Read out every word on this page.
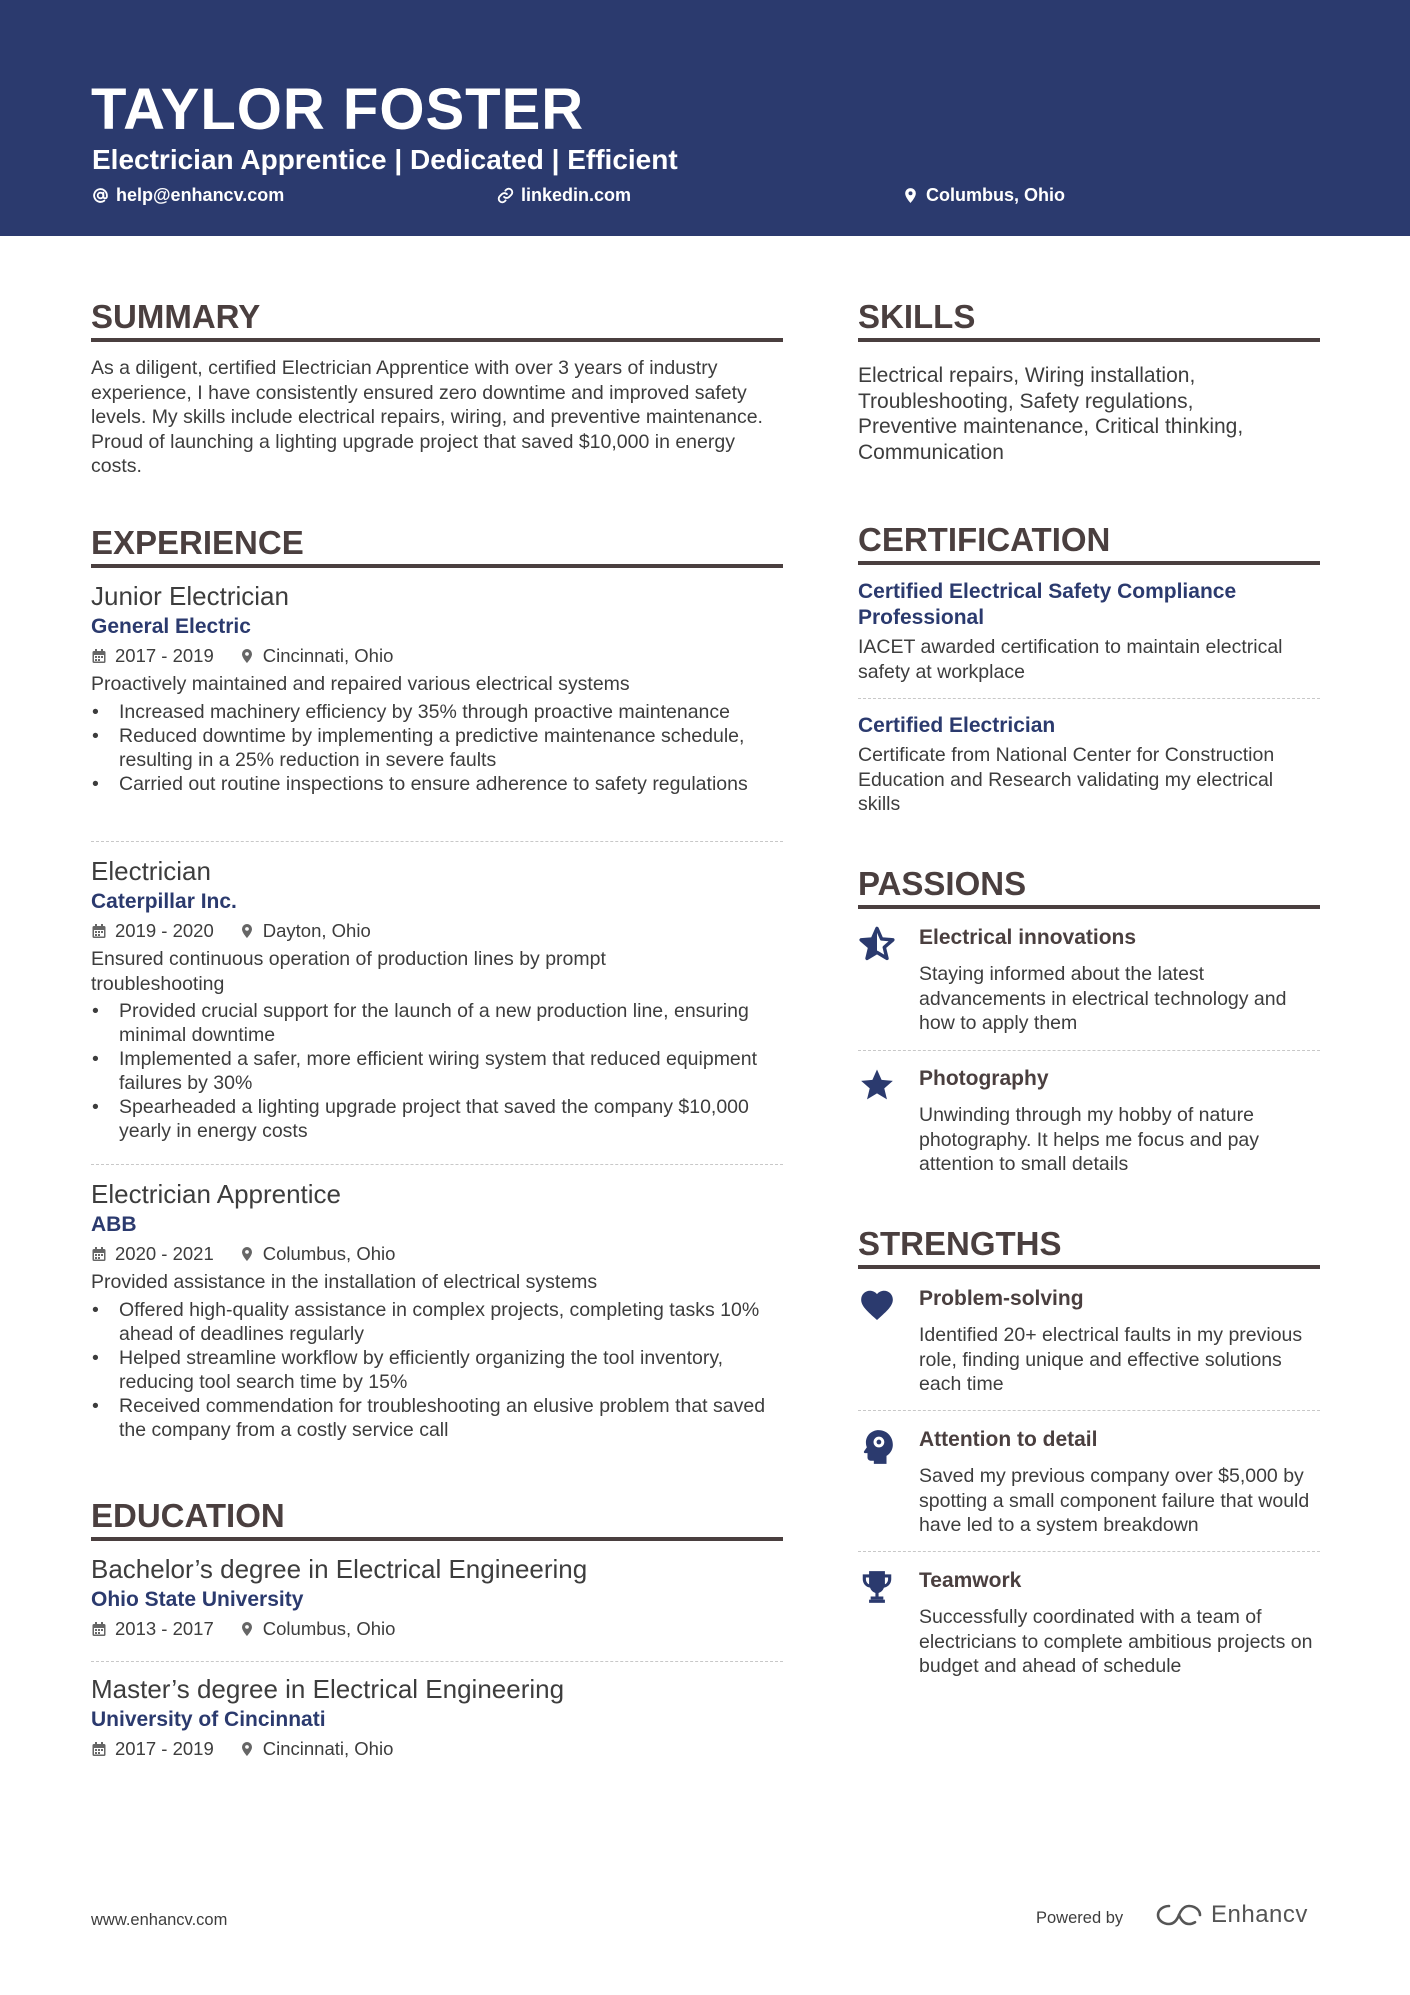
TAYLOR FOSTER
Electrician Apprentice | Dedicated | Efficient
help@enhancv.com	linkedin.com	Columbus, Ohio
SUMMARY
As a diligent, certified Electrician Apprentice with over 3 years of industry experience, I have consistently ensured zero downtime and improved safety levels. My skills include electrical repairs, wiring, and preventive maintenance. Proud of launching a lighting upgrade project that saved $10,000 in energy costs.
EXPERIENCE
Junior Electrician
General Electric
2017 - 2019	Cincinnati, Ohio
Proactively maintained and repaired various electrical systems
• Increased machinery efficiency by 35% through proactive maintenance
• Reduced downtime by implementing a predictive maintenance schedule, resulting in a 25% reduction in severe faults
• Carried out routine inspections to ensure adherence to safety regulations
Electrician
Caterpillar Inc.
2019 - 2020	Dayton, Ohio
Ensured continuous operation of production lines by prompt troubleshooting
• Provided crucial support for the launch of a new production line, ensuring minimal downtime
• Implemented a safer, more efficient wiring system that reduced equipment failures by 30%
• Spearheaded a lighting upgrade project that saved the company $10,000 yearly in energy costs
Electrician Apprentice
ABB
2020 - 2021	Columbus, Ohio
Provided assistance in the installation of electrical systems
• Offered high-quality assistance in complex projects, completing tasks 10% ahead of deadlines regularly
• Helped streamline workflow by efficiently organizing the tool inventory, reducing tool search time by 15%
• Received commendation for troubleshooting an elusive problem that saved the company from a costly service call
EDUCATION
Bachelor’s degree in Electrical Engineering
Ohio State University
2013 - 2017	Columbus, Ohio
Master’s degree in Electrical Engineering
University of Cincinnati
2017 - 2019	Cincinnati, Ohio
SKILLS
Electrical repairs, Wiring installation, Troubleshooting, Safety regulations, Preventive maintenance, Critical thinking, Communication
CERTIFICATION
Certified Electrical Safety Compliance Professional
IACET awarded certification to maintain electrical safety at workplace
Certified Electrician
Certificate from National Center for Construction Education and Research validating my electrical skills
PASSIONS
Electrical innovations
Staying informed about the latest advancements in electrical technology and how to apply them
Photography
Unwinding through my hobby of nature photography. It helps me focus and pay attention to small details
STRENGTHS
Problem-solving
Identified 20+ electrical faults in my previous role, finding unique and effective solutions each time
Attention to detail
Saved my previous company over $5,000 by spotting a small component failure that would have led to a system breakdown
Teamwork
Successfully coordinated with a team of electricians to complete ambitious projects on budget and ahead of schedule
www.enhancv.com	Powered by	Enhancv
